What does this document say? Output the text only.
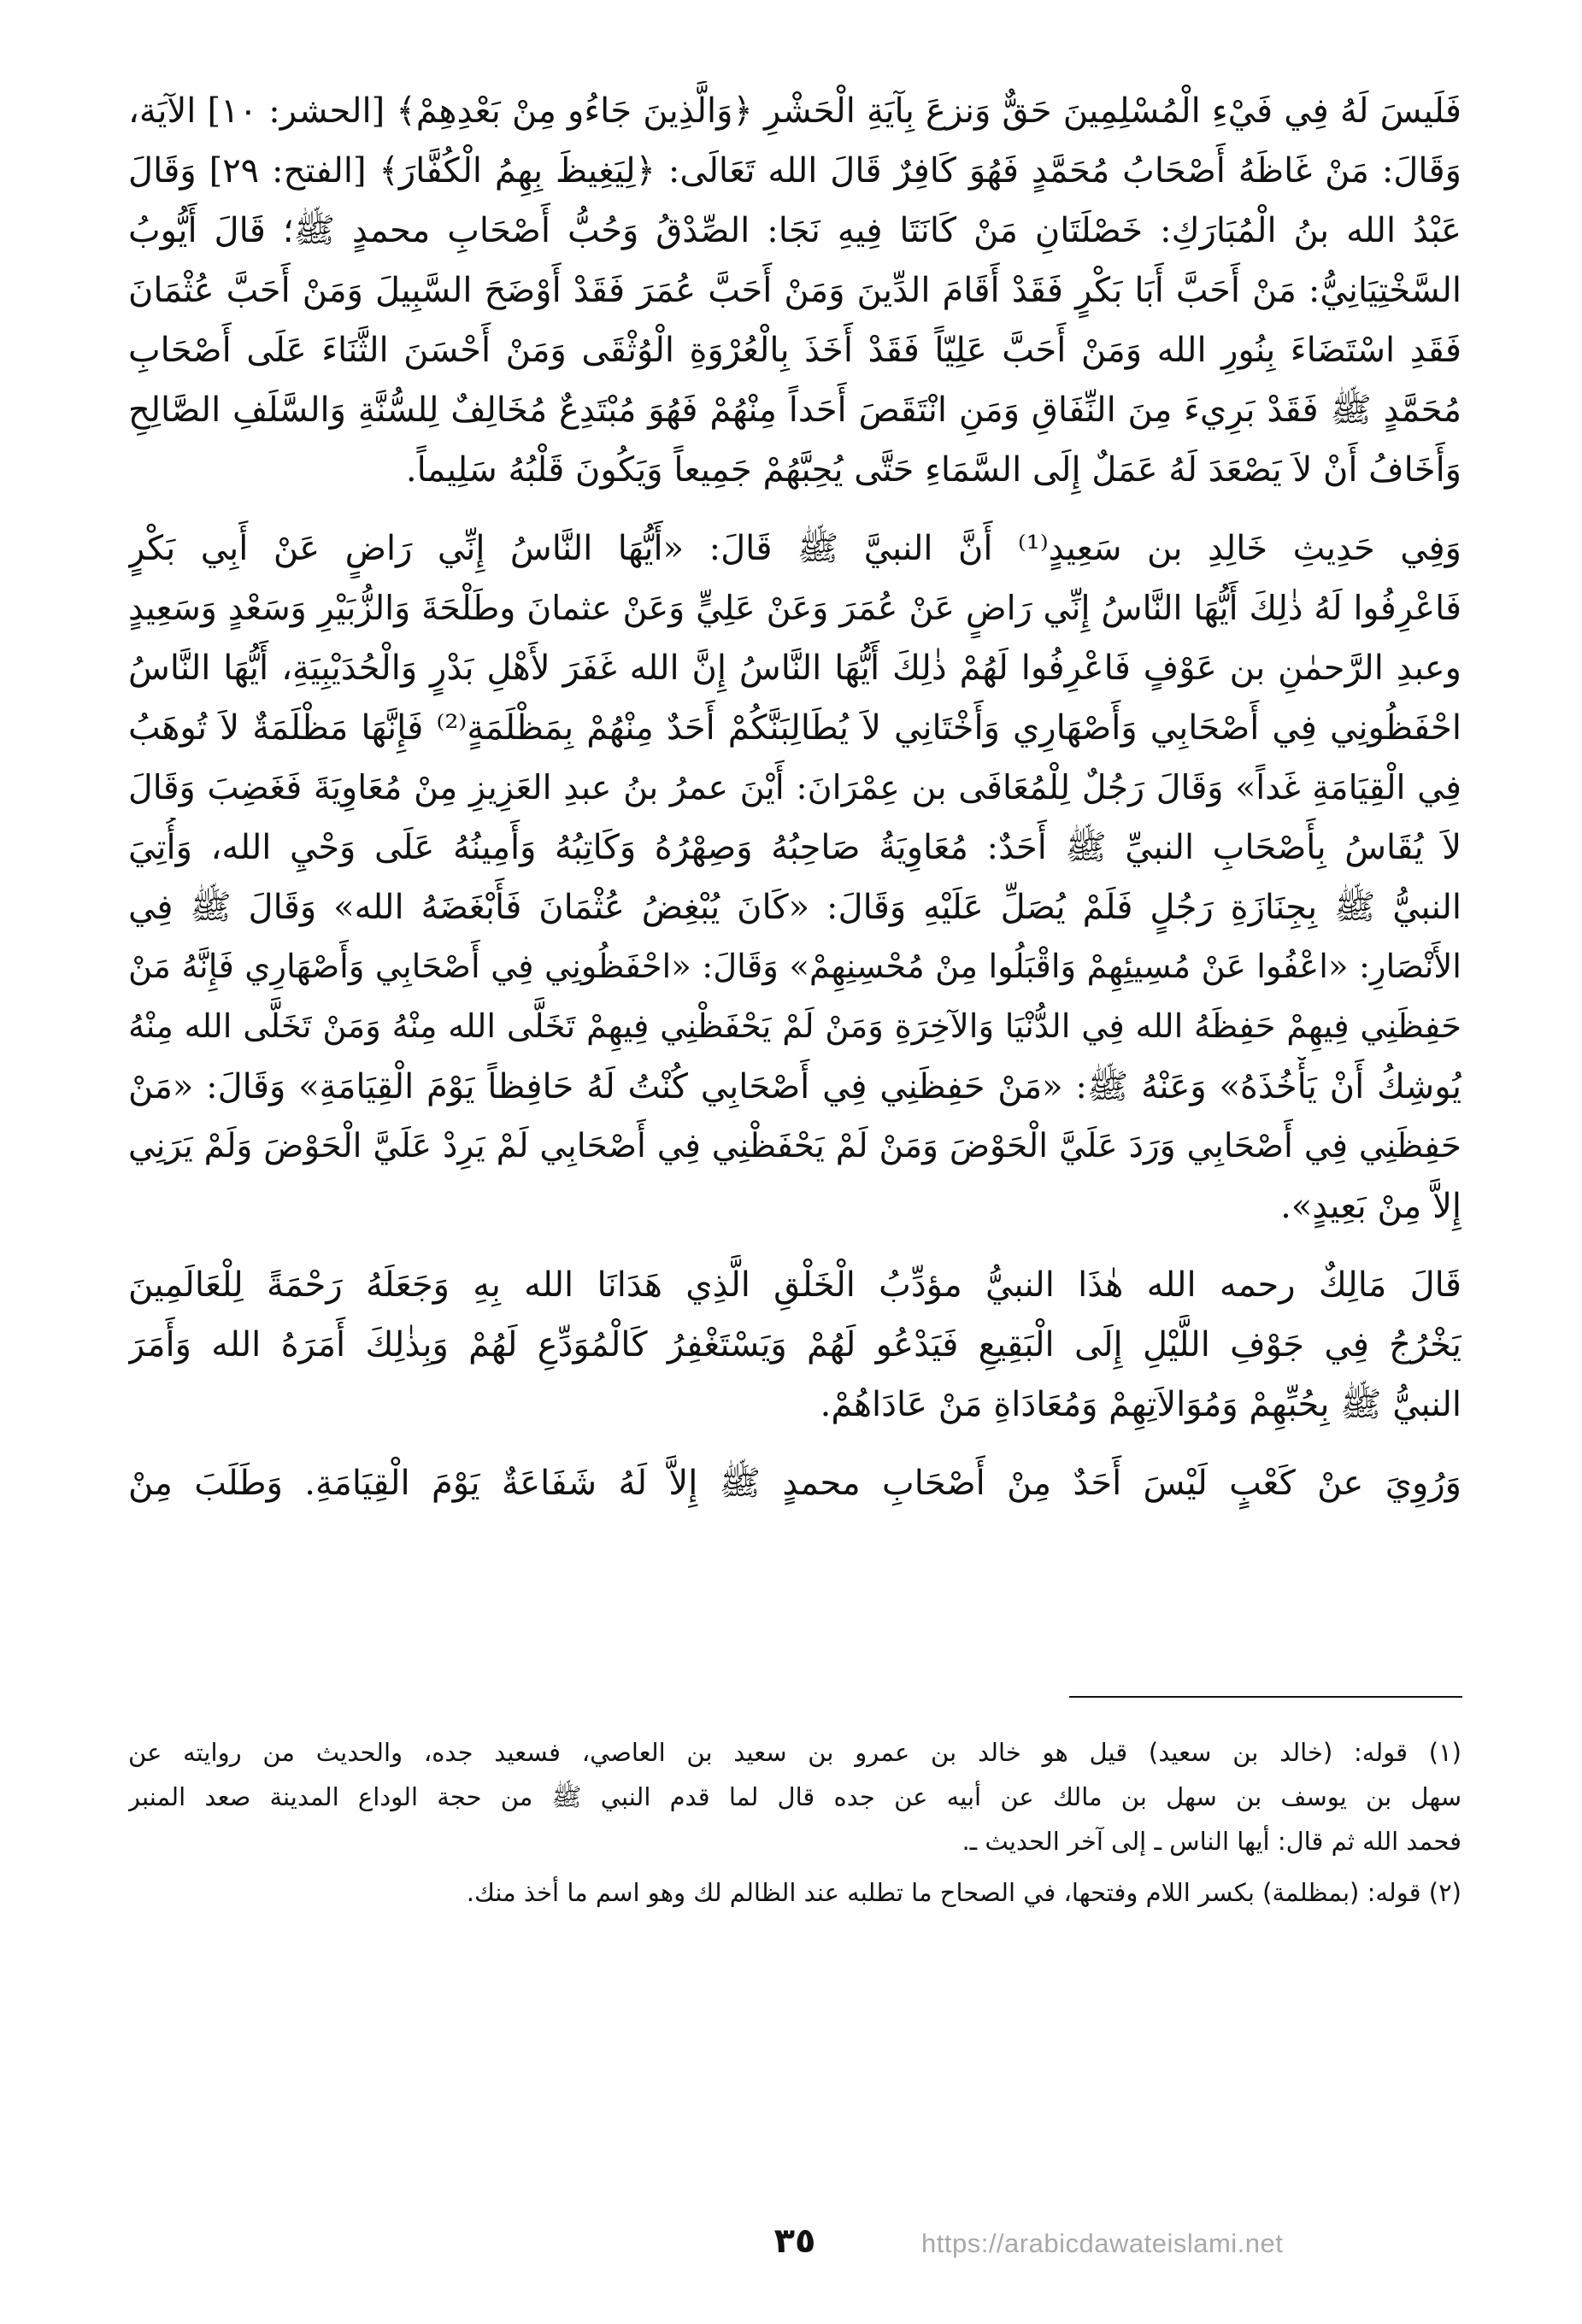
فَلَيسَ لَهُ فِي فَيْءِ الْمُسْلِمِينَ حَقٌّ وَنزعَ بِآيَةِ الْحَشْرِ ﴿وَالَّذِينَ جَاءُو مِنْ بَعْدِهِمْ﴾ [الحشر: ١٠] الآيَة،
وَقَالَ: مَنْ غَاظَهُ أَصْحَابُ مُحَمَّدٍ فَهُوَ كَافِرٌ قَالَ الله تَعَالَى: ﴿لِيَغِيظَ بِهِمُ الْكُفَّارَ﴾ [الفتح: ٢٩] وَقَالَ
عَبْدُ الله بنُ الْمُبَارَكِ: خَصْلَتَانِ مَنْ كَانَتَا فِيهِ نَجَا: الصِّدْقُ وَحُبُّ أَصْحَابِ محمدٍ ﷺ؛ قَالَ أَيُّوبُ
السَّخْتِيَانِيُّ: مَنْ أَحَبَّ أَبَا بَكْرٍ فَقَدْ أَقَامَ الدِّينَ وَمَنْ أَحَبَّ عُمَرَ فَقَدْ أَوْضَحَ السَّبِيلَ وَمَنْ أَحَبَّ عُثْمَانَ
فَقَدِ اسْتَضَاءَ بِنُورِ الله وَمَنْ أَحَبَّ عَلِيّاً فَقَدْ أَخَذَ بِالْعُرْوَةِ الْوُثْقَى وَمَنْ أَحْسَنَ الثَّنَاءَ عَلَى أَصْحَابِ
مُحَمَّدٍ ﷺ فَقَدْ بَرِيءَ مِنَ النِّفَاقِ وَمَنِ انْتَقَصَ أَحَداً مِنْهُمْ فَهُوَ مُبْتَدِعٌ مُخَالِفٌ لِلسُّنَّةِ وَالسَّلَفِ الصَّالِحِ
وَأَخَافُ أَنْ لاَ يَصْعَدَ لَهُ عَمَلٌ إِلَى السَّمَاءِ حَتَّى يُحِبَّهُمْ جَمِيعاً وَيَكُونَ قَلْبُهُ سَلِيماً.
وَفِي حَدِيثِ خَالِدِ بن سَعِيدٍ⁽¹⁾ أَنَّ النبيَّ ﷺ قَالَ: «أَيُّهَا النَّاسُ إِنِّي رَاضٍ عَنْ أَبِي بَكْرٍ
فَاعْرِفُوا لَهُ ذٰلِكَ أَيُّهَا النَّاسُ إِنِّي رَاضٍ عَنْ عُمَرَ وَعَنْ عَلِيٍّ وَعَنْ عثمانَ وطَلْحَةَ وَالزُّبَيْرِ وَسَعْدٍ وَسَعِيدٍ
وعبدِ الرَّحمٰنِ بن عَوْفٍ فَاعْرِفُوا لَهُمْ ذٰلِكَ أَيُّهَا النَّاسُ إِنَّ الله غَفَرَ لأَهْلِ بَدْرٍ وَالْحُدَيْبِيَةِ، أَيُّهَا النَّاسُ
احْفَظُونِي فِي أَصْحَابِي وَأَصْهَارِي وَأَخْتَانِي لاَ يُطَالِبَنَّكُمْ أَحَدٌ مِنْهُمْ بِمَظْلَمَةٍ⁽²⁾ فَإِنَّهَا مَظْلَمَةٌ لاَ تُوهَبُ
فِي الْقِيَامَةِ غَداً» وَقَالَ رَجُلٌ لِلْمُعَافَى بن عِمْرَانَ: أَيْنَ عمرُ بنُ عبدِ العَزِيزِ مِنْ مُعَاوِيَةَ فَغَضِبَ وَقَالَ
لاَ يُقَاسُ بِأَصْحَابِ النبيِّ ﷺ أَحَدٌ: مُعَاوِيَةُ صَاحِبُهُ وَصِهْرُهُ وَكَاتِبُهُ وَأَمِينُهُ عَلَى وَحْيِ الله، وَأُتِيَ
النبيُّ ﷺ بِجِنَازَةِ رَجُلٍ فَلَمْ يُصَلِّ عَلَيْهِ وَقَالَ: «كَانَ يُبْغِضُ عُثْمَانَ فَأَبْغَضَهُ الله» وَقَالَ ﷺ فِي
الأَنْصَارِ: «اعْفُوا عَنْ مُسِيئِهِمْ وَاقْبَلُوا مِنْ مُحْسِنِهِمْ» وَقَالَ: «احْفَظُونِي فِي أَصْحَابِي وَأَصْهَارِي فَإِنَّهُ مَنْ
حَفِظَنِي فِيهِمْ حَفِظَهُ الله فِي الدُّنْيَا وَالآخِرَةِ وَمَنْ لَمْ يَحْفَظْنِي فِيهِمْ تَخَلَّى الله مِنْهُ وَمَنْ تَخَلَّى الله مِنْهُ
يُوشِكُ أَنْ يَأْخُذَهُ» وَعَنْهُ ﷺ: «مَنْ حَفِظَنِي فِي أَصْحَابِي كُنْتُ لَهُ حَافِظاً يَوْمَ الْقِيَامَةِ» وَقَالَ: «مَنْ
حَفِظَنِي فِي أَصْحَابِي وَرَدَ عَلَيَّ الْحَوْضَ وَمَنْ لَمْ يَحْفَظْنِي فِي أَصْحَابِي لَمْ يَرِدْ عَلَيَّ الْحَوْضَ وَلَمْ يَرَنِي
إِلاَّ مِنْ بَعِيدٍ».
قَالَ مَالِكٌ رحمه الله هٰذَا النبيُّ مؤدِّبُ الْخَلْقِ الَّذِي هَدَانَا الله بِهِ وَجَعَلَهُ رَحْمَةً لِلْعَالَمِينَ
يَخْرُجُ فِي جَوْفِ اللَّيْلِ إِلَى الْبَقِيعِ فَيَدْعُو لَهُمْ وَيَسْتَغْفِرُ كَالْمُوَدِّعِ لَهُمْ وَبِذٰلِكَ أَمَرَهُ الله وَأَمَرَ
النبيُّ ﷺ بِحُبِّهِمْ وَمُوَالاَتِهِمْ وَمُعَادَاةِ مَنْ عَادَاهُمْ.
وَرُوِيَ عنْ كَعْبٍ لَيْسَ أَحَدٌ مِنْ أَصْحَابِ محمدٍ ﷺ إِلاَّ لَهُ شَفَاعَةٌ يَوْمَ الْقِيَامَةِ. وَطَلَبَ مِنْ
(١) قوله: (خالد بن سعيد) قيل هو خالد بن عمرو بن سعيد بن العاصي، فسعيد جده، والحديث من روايته عن
سهل بن يوسف بن سهل بن مالك عن أبيه عن جده قال لما قدم النبي ﷺ من حجة الوداع المدينة صعد المنبر
فحمد الله ثم قال: أيها الناس ـ إلى آخر الحديث ـ.
(٢) قوله: (بمظلمة) بكسر اللام وفتحها، في الصحاح ما تطلبه عند الظالم لك وهو اسم ما أخذ منك.
٣٥	https://arabicdawateislami.net
